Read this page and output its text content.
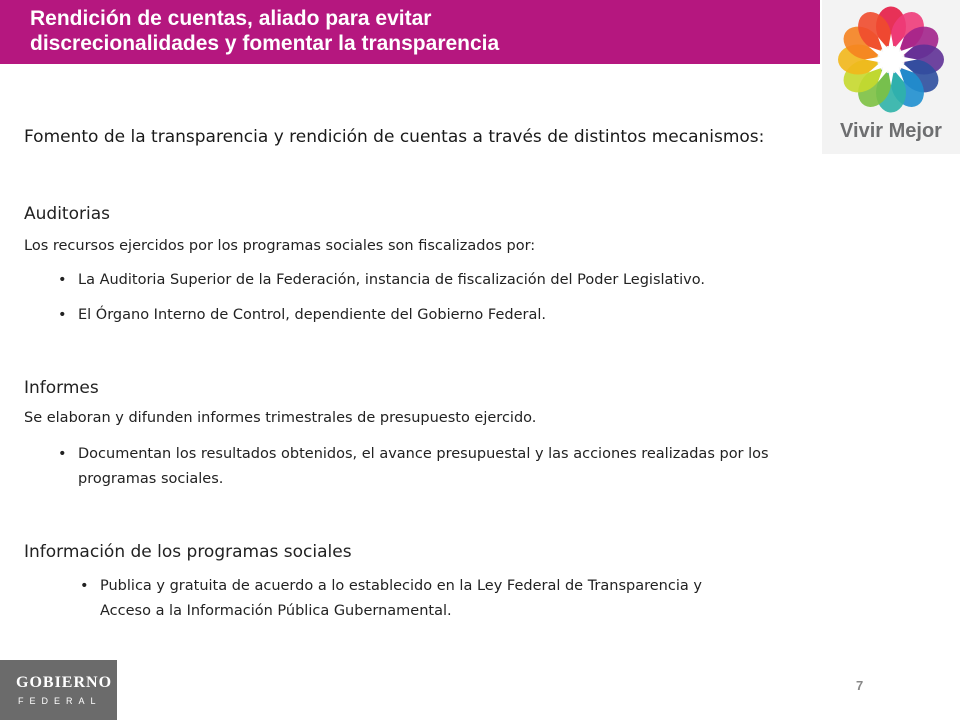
Rendición de cuentas, aliado para evitar
discrecionalidades y fomentar la transparencia
Vivir Mejor
Fomento de la transparencia y rendición de cuentas a través de distintos mecanismos:
Auditorias
Los recursos ejercidos por los programas sociales son fiscalizados por:
• La Auditoria Superior de la Federación, instancia de fiscalización del Poder Legislativo.
• El Órgano Interno de Control, dependiente del Gobierno Federal.
Informes
Se elaboran y difunden informes trimestrales de presupuesto ejercido.
• Documentan los resultados obtenidos, el avance presupuestal y las acciones realizadas por los programas sociales.
Información de los programas sociales
• Publica y gratuita de acuerdo a lo establecido en la Ley Federal de Transparencia y Acceso a la Información Pública Gubernamental.
GOBIERNO
FEDERAL
7
